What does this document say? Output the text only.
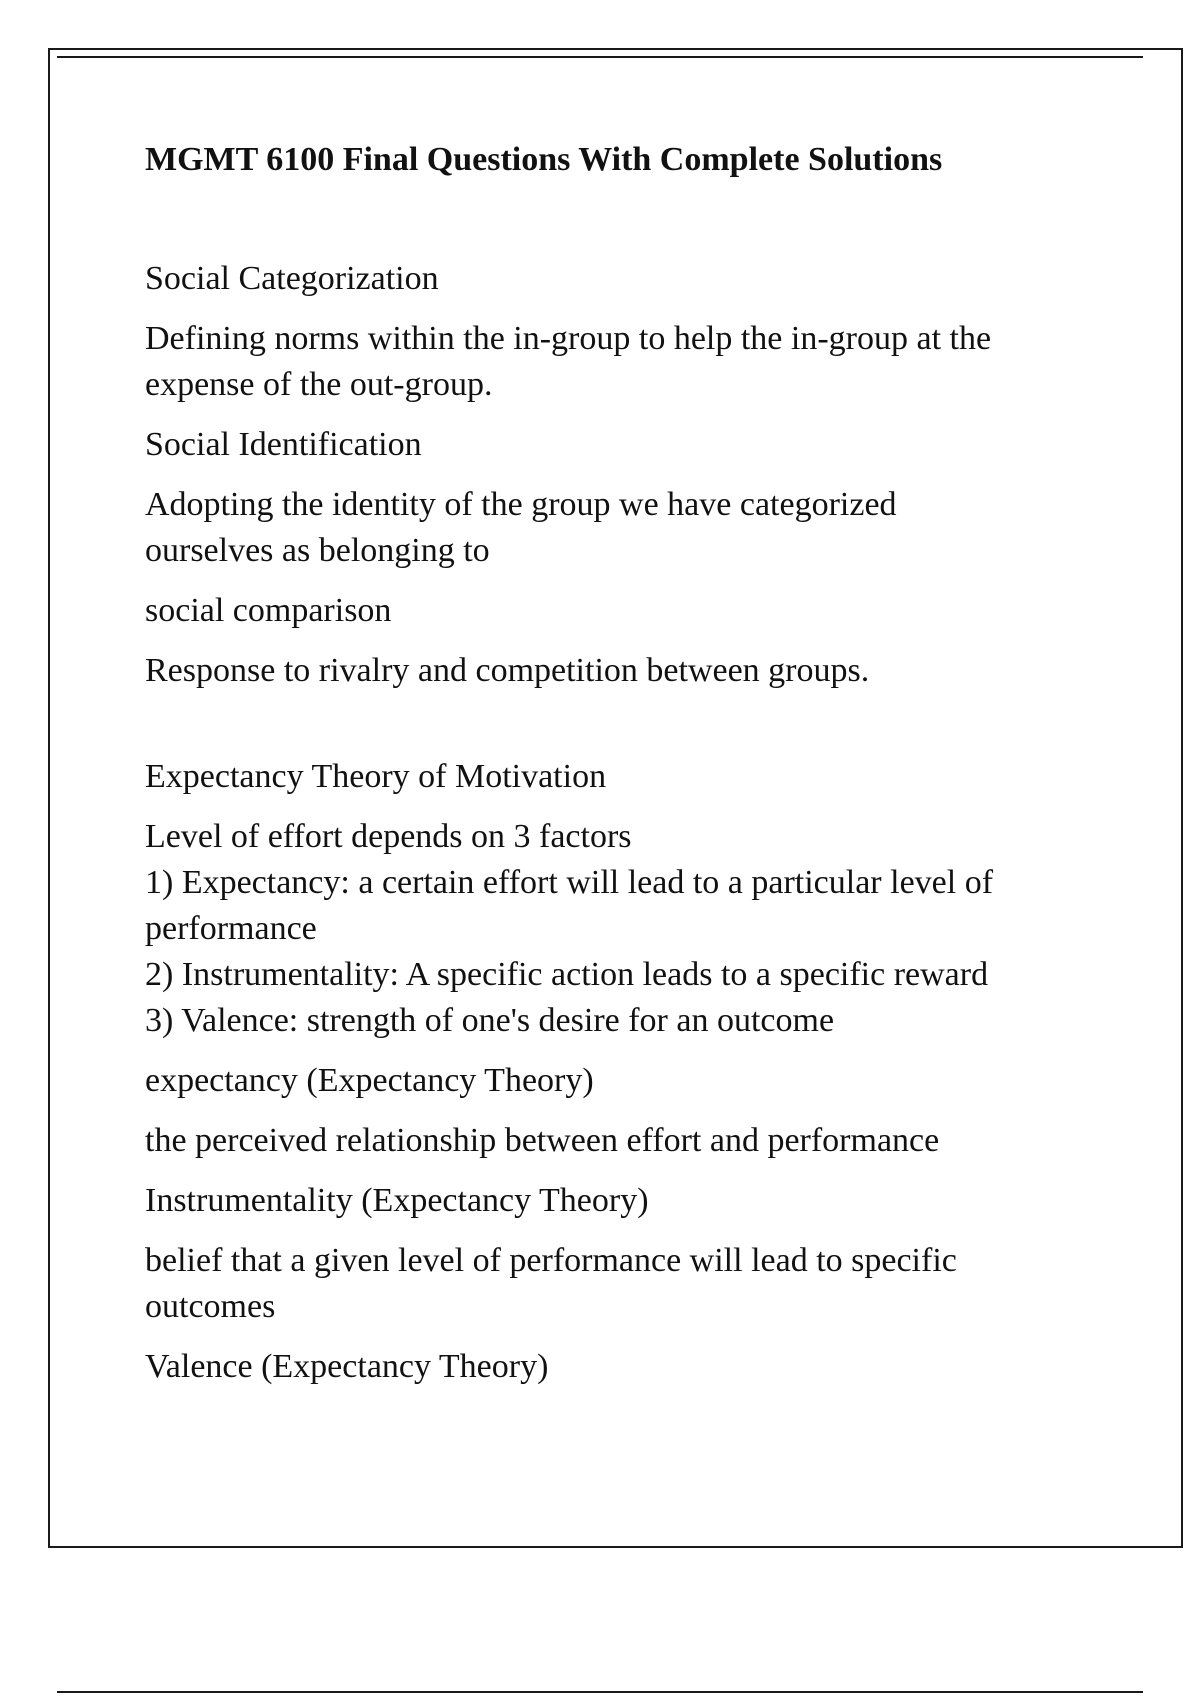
MGMT 6100 Final Questions With Complete Solutions

Social Categorization

Defining norms within the in-group to help the in-group at the expense of the out-group.

Social Identification

Adopting the identity of the group we have categorized
ourselves as belonging to

social comparison

Response to rivalry and competition between groups.

Expectancy Theory of Motivation

Level of effort depends on 3 factors
1) Expectancy: a certain effort will lead to a particular level of performance
2) Instrumentality: A specific action leads to a specific reward
3) Valence: strength of one's desire for an outcome

expectancy (Expectancy Theory)

the perceived relationship between effort and performance

Instrumentality (Expectancy Theory)

belief that a given level of performance will lead to specific outcomes

Valence (Expectancy Theory)
